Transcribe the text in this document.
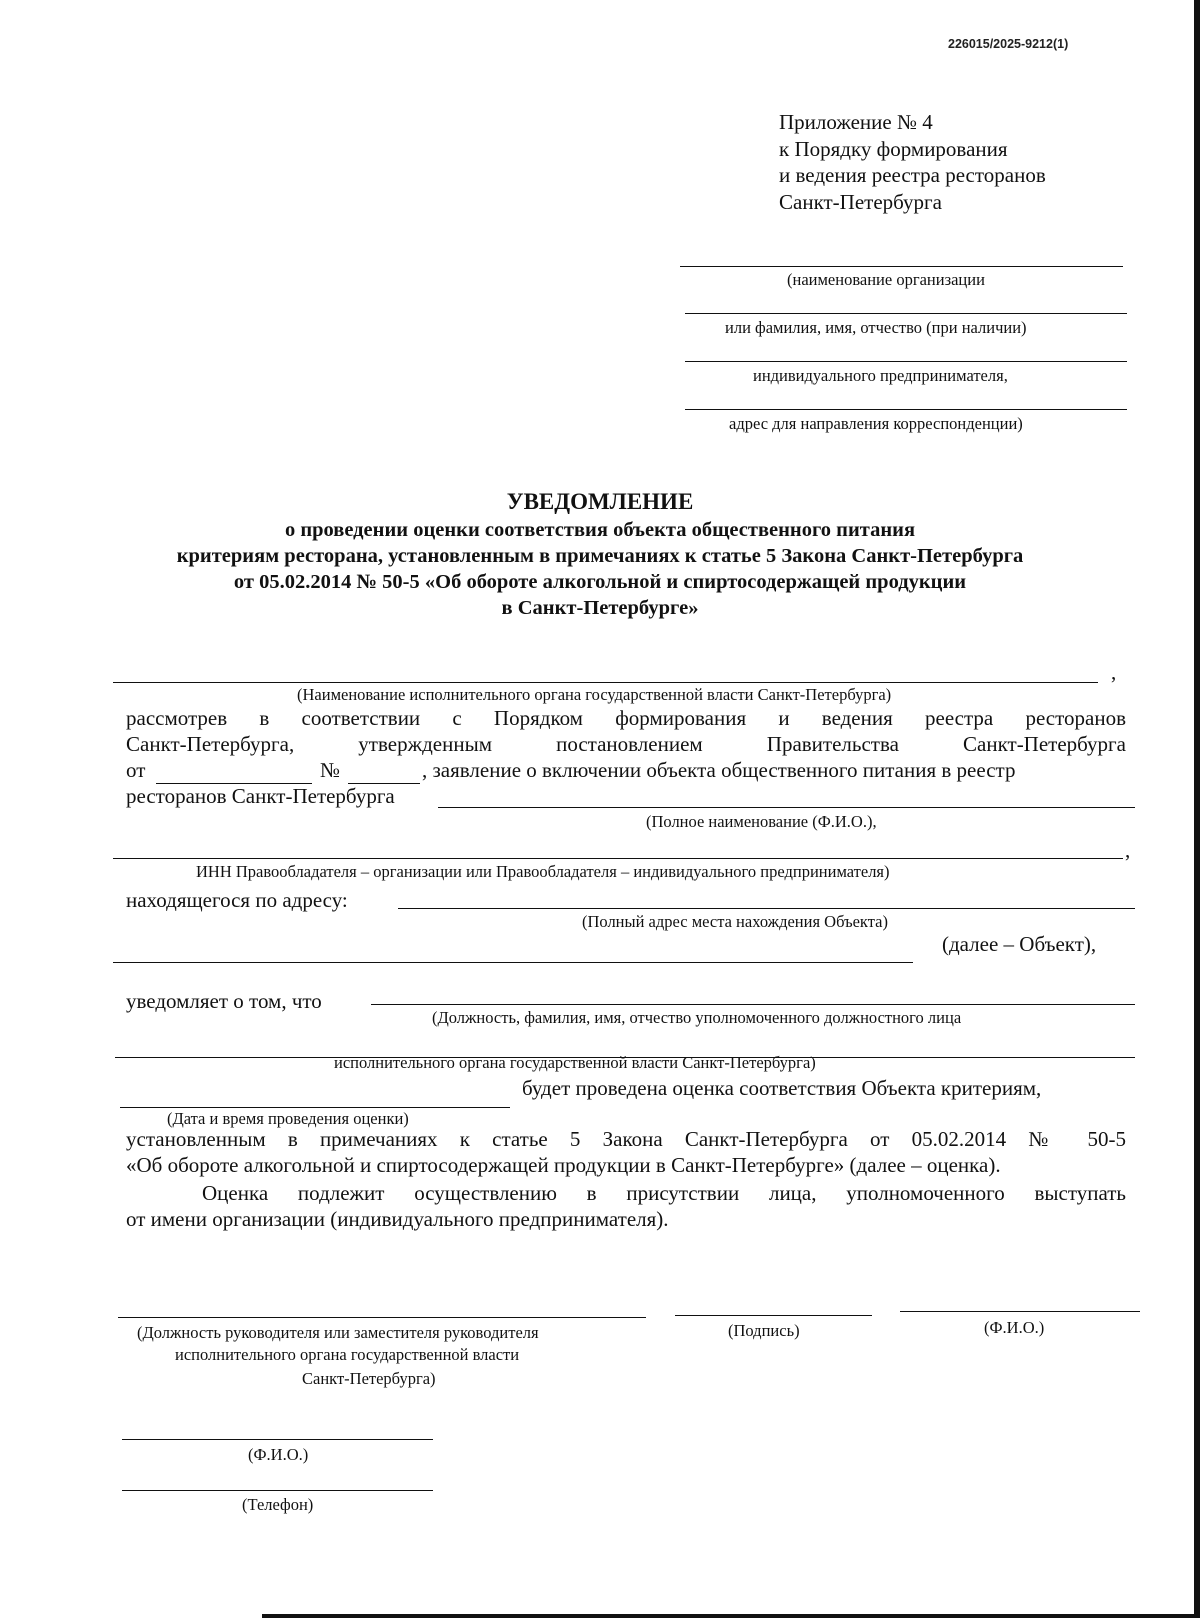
226015/2025-9212(1)
Приложение № 4
к Порядку формирования
и ведения реестра ресторанов
Санкт-Петербурга
(наименование организации
или фамилия, имя, отчество (при наличии)
индивидуального предпринимателя,
адрес для направления корреспонденции)
УВЕДОМЛЕНИЕ
о проведении оценки соответствия объекта общественного питания
критериям ресторана, установленным в примечаниях к статье 5 Закона Санкт-Петербурга
от 05.02.2014 № 50-5 «Об обороте алкогольной и спиртосодержащей продукции
в Санкт-Петербурге»
,
(Наименование исполнительного органа государственной власти Санкт-Петербурга)
рассмотрев в соответствии с Порядком формирования и ведения реестра ресторанов
Санкт-Петербурга, утвержденным постановлением Правительства Санкт-Петербурга
от	№	, заявление о включении объекта общественного питания в реестр
ресторанов Санкт-Петербурга
(Полное наименование (Ф.И.О.),
,
ИНН Правообладателя – организации или Правообладателя – индивидуального предпринимателя)
находящегося по адресу:
(Полный адрес места нахождения Объекта)
(далее – Объект),
уведомляет о том, что
(Должность, фамилия, имя, отчество уполномоченного должностного лица
исполнительного органа государственной власти Санкт-Петербурга)
будет проведена оценка соответствия Объекта критериям,
(Дата и время проведения оценки)
установленным в примечаниях к статье 5 Закона Санкт-Петербурга от 05.02.2014 № 50-5
«Об обороте алкогольной и спиртосодержащей продукции в Санкт-Петербурге» (далее – оценка).
Оценка подлежит осуществлению в присутствии лица, уполномоченного выступать
от имени организации (индивидуального предпринимателя).
(Должность руководителя или заместителя руководителя
исполнительного органа государственной власти
Санкт-Петербурга)
(Подпись)	(Ф.И.О.)
(Ф.И.О.)
(Телефон)
